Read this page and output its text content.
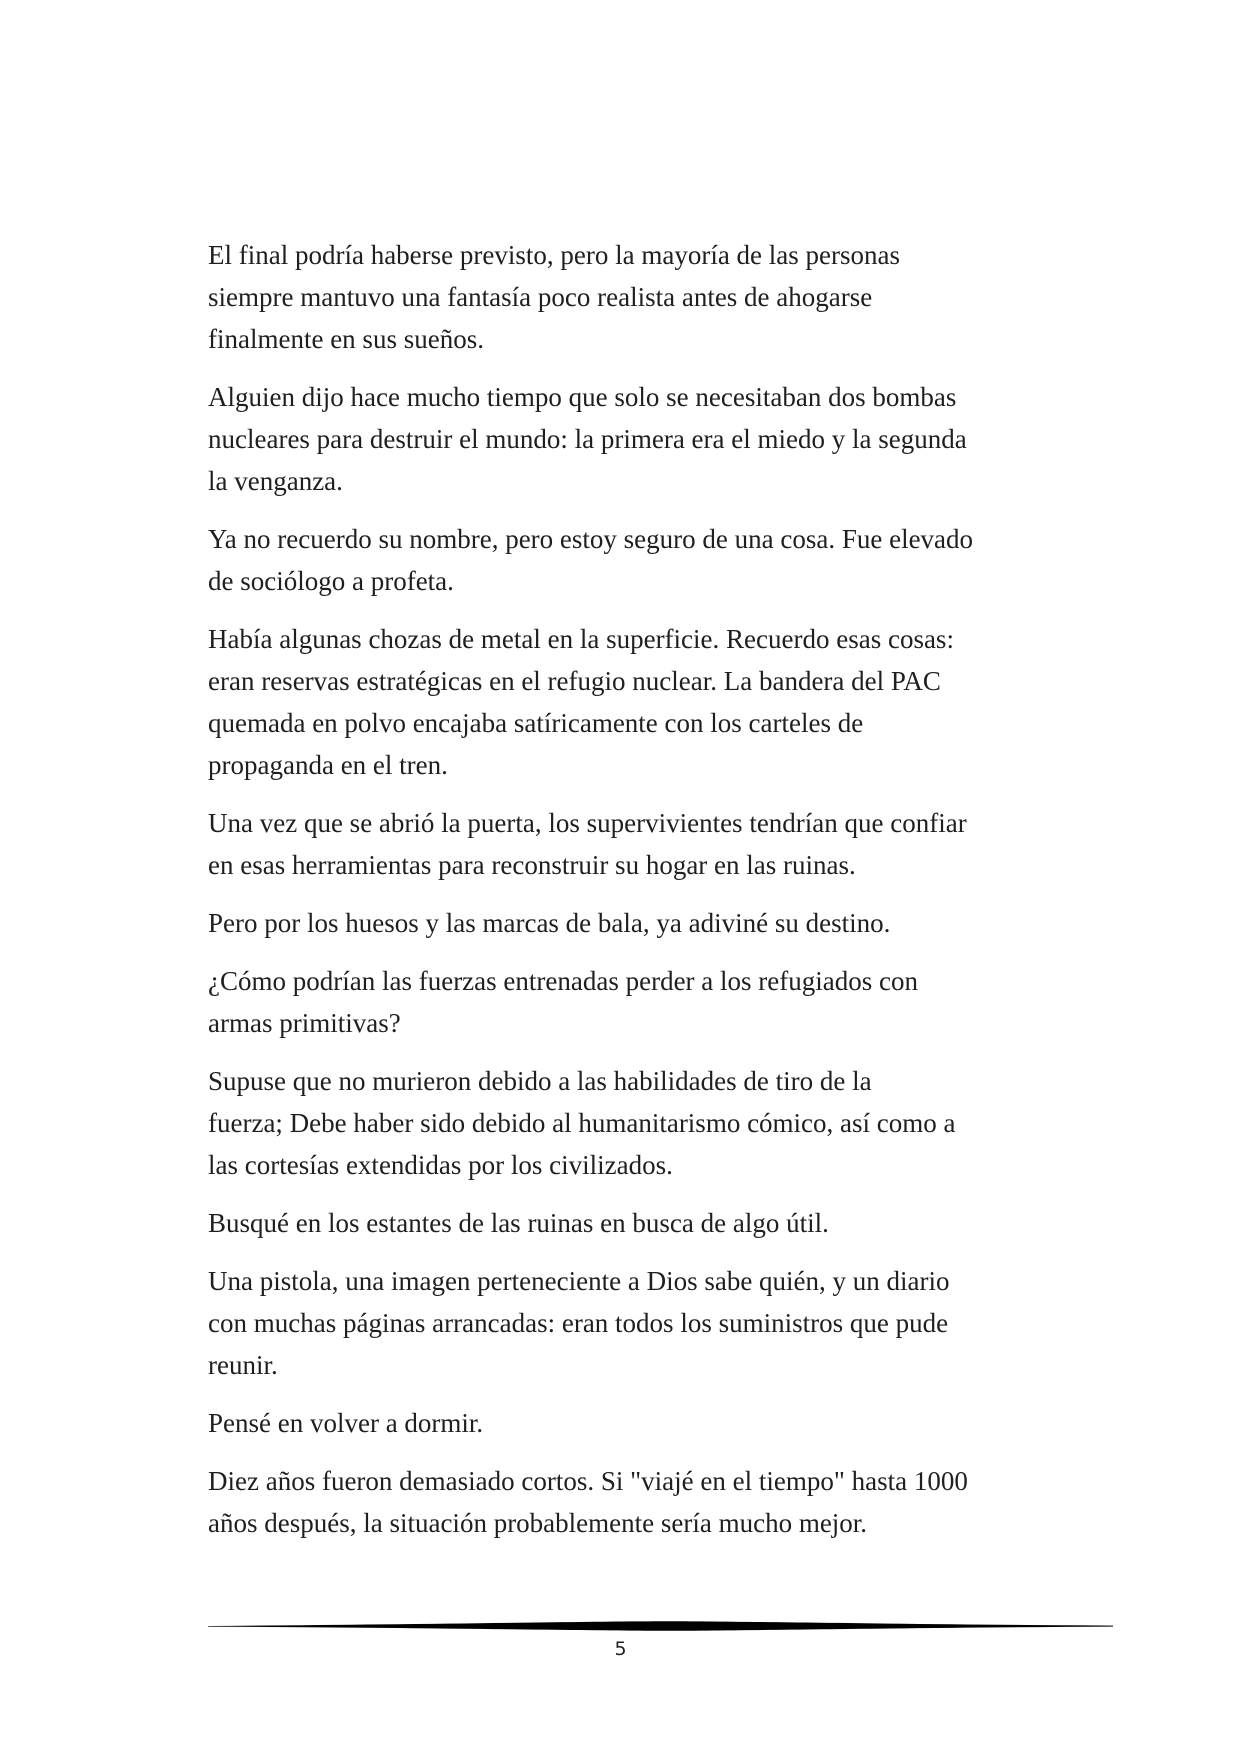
El final podría haberse previsto, pero la mayoría de las personas
siempre mantuvo una fantasía poco realista antes de ahogarse
finalmente en sus sueños.

Alguien dijo hace mucho tiempo que solo se necesitaban dos bombas
nucleares para destruir el mundo: la primera era el miedo y la segunda
la venganza.

Ya no recuerdo su nombre, pero estoy seguro de una cosa. Fue elevado
de sociólogo a profeta.

Había algunas chozas de metal en la superficie. Recuerdo esas cosas:
eran reservas estratégicas en el refugio nuclear. La bandera del PAC
quemada en polvo encajaba satíricamente con los carteles de
propaganda en el tren.

Una vez que se abrió la puerta, los supervivientes tendrían que confiar
en esas herramientas para reconstruir su hogar en las ruinas.

Pero por los huesos y las marcas de bala, ya adiviné su destino.

¿Cómo podrían las fuerzas entrenadas perder a los refugiados con
armas primitivas?

Supuse que no murieron debido a las habilidades de tiro de la
fuerza; Debe haber sido debido al humanitarismo cómico, así como a
las cortesías extendidas por los civilizados.

Busqué en los estantes de las ruinas en busca de algo útil.

Una pistola, una imagen perteneciente a Dios sabe quién, y un diario
con muchas páginas arrancadas: eran todos los suministros que pude
reunir.

Pensé en volver a dormir.

Diez años fueron demasiado cortos. Si "viajé en el tiempo" hasta 1000
años después, la situación probablemente sería mucho mejor.

5
